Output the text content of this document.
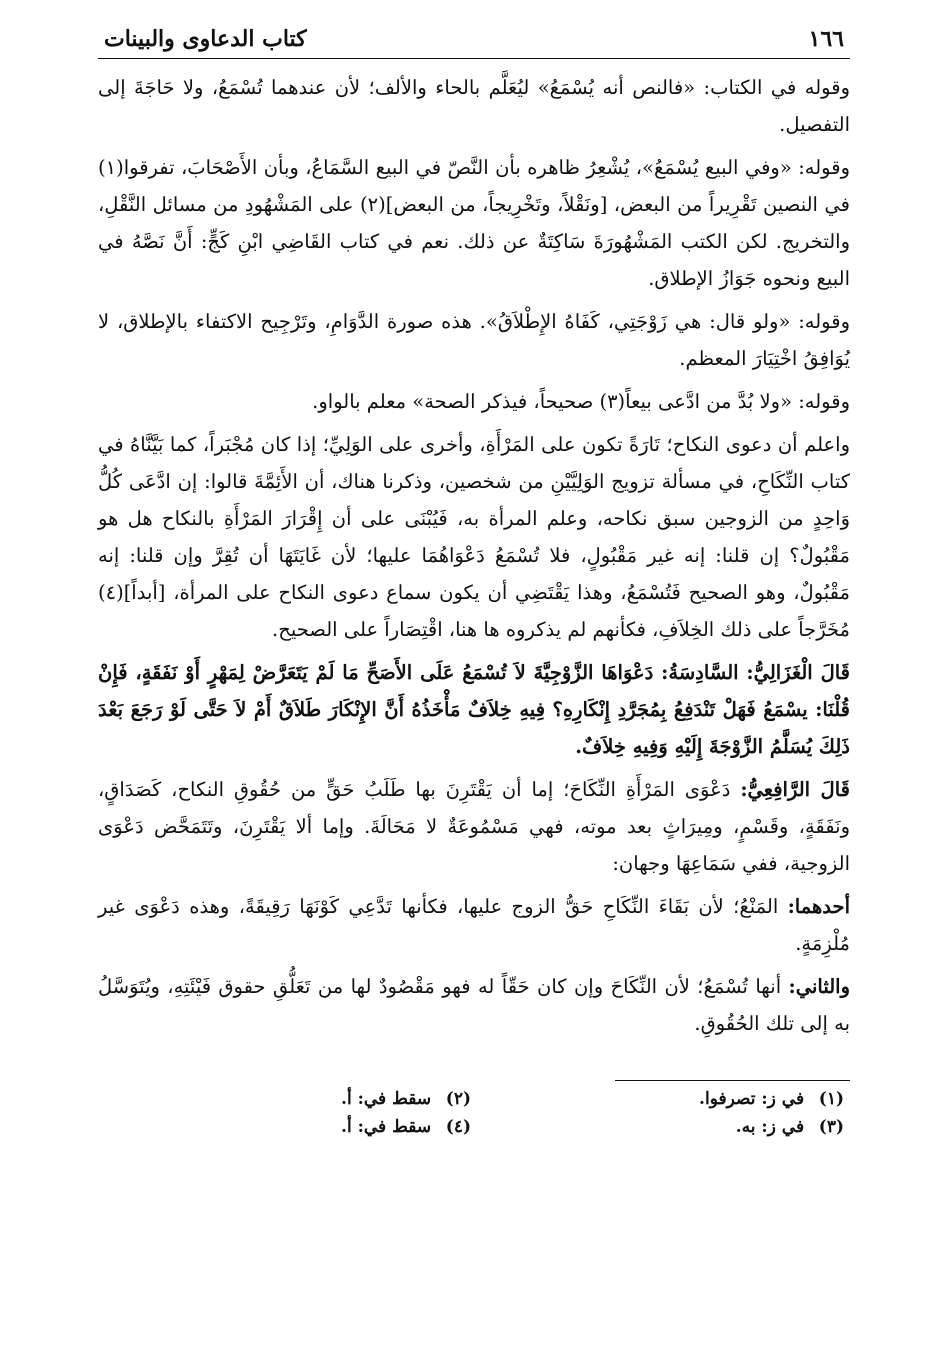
١٦٦
كتاب الدعاوى والبينات

وقوله في الكتاب: «فالنص أنه يُسْمَعُ» ليُعَلَّم بالحاء والألف؛ لأن عندهما تُسْمَعُ، ولا حَاجَةَ إلى التفصيل.

وقوله: «وفي البيع يُسْمَعُ»، يُشْعِرُ ظاهره بأن النَّصّ في البيع السَّمَاعُ، وبأن الأَصْحَابَ، تفرقوا(١) في النصين تَقْرِيراً من البعض، [ونَقْلاً، وتَخْرِيجاً، من البعض](٢) على المَشْهُودِ من مسائل النَّقْلِ، والتخريج. لكن الكتب المَشْهُورَةَ سَاكِتَةٌ عن ذلك. نعم في كتاب القَاضِي ابْنِ كَجٍّ: أَنَّ نَصَّهُ في البيع ونحوه جَوَازُ الإطلاق.

وقوله: «ولو قال: هي زَوْجَتِي، كَفَاهُ الإِطْلاَقُ». هذه صورة الدَّوَامِ، وتَرْجِيح الاكتفاء بالإطلاق، لا يُوَافِقُ اخْتِيَارَ المعظم.

وقوله: «ولا بُدَّ من ادَّعى بيعاً(٣) صحيحاً، فيذكر الصحة» معلم بالواو.

واعلم أن دعوى النكاح؛ تَارَةً تكون على المَرْأَةِ، وأخرى على الوَلِيِّ؛ إذا كان مُجْبَراً، كما بَيَّنَّاهُ في كتاب النِّكَاحِ، في مسألة تزويج الوَلِيَّيْنِ من شخصين، وذكرنا هناك، أن الأَئِمَّةَ قالوا: إن ادَّعَى كُلُّ وَاحِدٍ من الزوجين سبق نكاحه، وعلم المرأة به، فَيُبْنَى على أن إِقْرَارَ المَرْأَةِ بالنكاح هل هو مَقْبُولٌ؟ إن قلنا: إنه غير مَقْبُولٍ، فلا تُسْمَعُ دَعْوَاهُمَا عليها؛ لأن غَايَتَهَا أن تُقِرَّ وإن قلنا: إنه مَقْبُولٌ، وهو الصحيح فَتُسْمَعُ، وهذا يَقْتَضِي أن يكون سماع دعوى النكاح على المرأة، [أبداً](٤) مُخَرَّجاً على ذلك الخِلاَفِ، فكأنهم لم يذكروه ها هنا، اقْتِصَاراً على الصحيح.

قَالَ الْغَزَالِيُّ: السَّادِسَةُ: دَعْوَاهَا الزَّوْجِيَّةَ لاَ تُسْمَعُ عَلَى الأَصَحِّ مَا لَمْ يَتَعَرَّضْ لِمَهْرٍ أَوْ نَفَقَةٍ، فَإِنْ قُلْنَا: يسْمَعُ فَهَلْ تَنْدَفِعُ بِمُجَرَّدِ إِنْكَارِهِ؟ فِيهِ خِلاَفٌ مَأْخَذُهُ أَنَّ الإِنْكَارَ طَلاَقٌ أَمْ لاَ حَتَّى لَوْ رَجَعَ بَعْدَ ذَلِكَ يُسَلَّمُ الزَّوْجَةَ إِلَيْهِ وَفِيهِ خِلاَفٌ.

قَالَ الرَّافِعِيُّ: دَعْوَى المَرْأَةِ النِّكَاحَ؛ إما أن يَقْتَرِنَ بها طَلَبُ حَقٍّ من حُقُوقِ النكاح، كَصَدَاقٍ، ونَفَقَةٍ، وقَسْمٍ، ومِيرَاثٍ بعد موته، فهي مَسْمُوعَةٌ لا مَحَالَةَ. وإما ألا يَقْتَرِنَ، وتَتَمَحَّض دَعْوَى الزوجية، ففي سَمَاعِهَا وجهان:

أحدهما: المَنْعُ؛ لأن بَقَاءَ النِّكَاحِ حَقُّ الزوج عليها، فكأنها تَدَّعِي كَوْنَهَا رَقِيقَةً، وهذه دَعْوَى غير مُلْزِمَةٍ.

والثاني: أنها تُسْمَعُ؛ لأن النِّكَاحَ وإن كان حَقّاً له فهو مَقْصُودٌ لها من تَعَلُّقِ حقوق فَيْئَتِهِ، ويُتَوَسَّلُ به إلى تلك الحُقُوقِ.

(١) في ز: تصرفوا.
(٢) سقط في: أ.
(٣) في ز: به.
(٤) سقط في: أ.
